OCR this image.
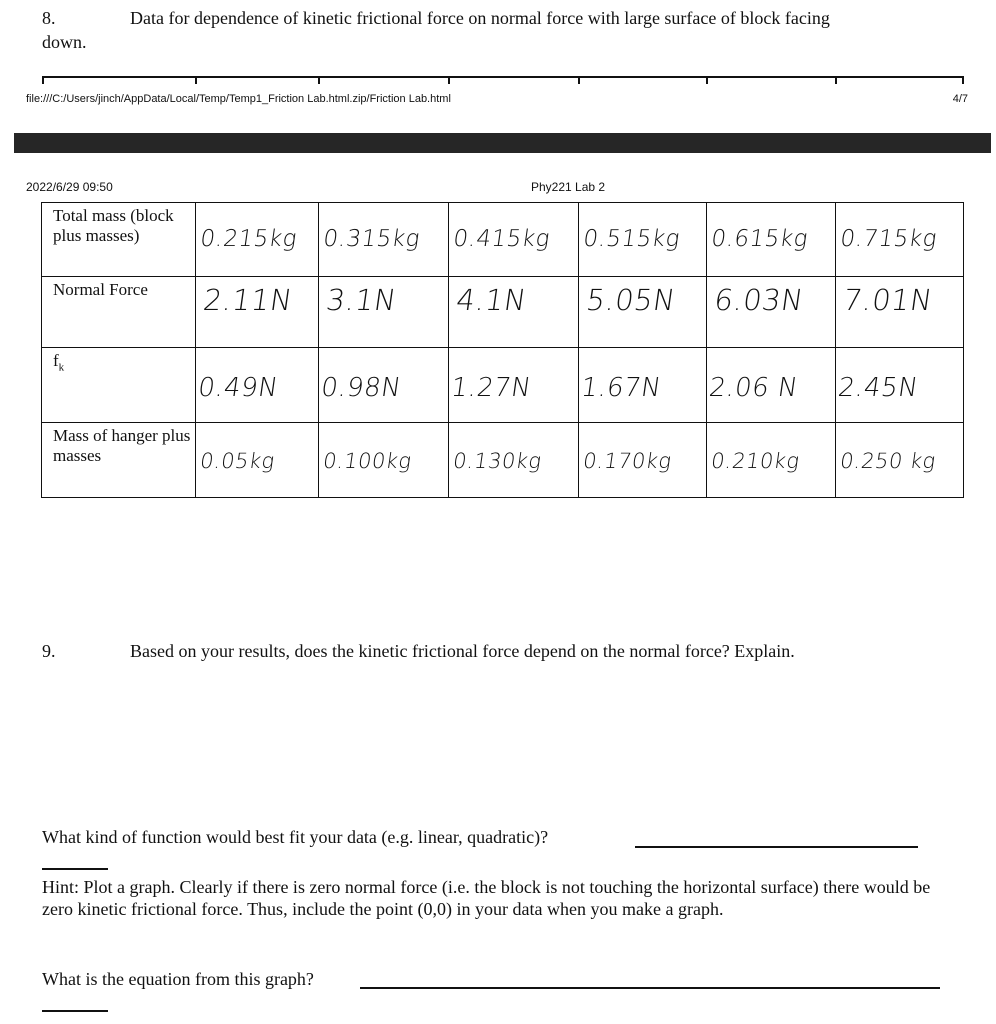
8.	Data for dependence of kinetic frictional force on normal force with large surface of block facing
down.
file:///C:/Users/jinch/AppData/Local/Temp/Temp1_Friction Lab.html.zip/Friction Lab.html	4/7
2022/6/29 09:50	Phy221 Lab 2
Total mass (block plus masses)	0.215kg	0.315kg	0.415kg	0.515kg	0.615kg	0.715kg

Normal Force	2.11N	3.1N	4.1N	5.05N	6.03N	7.01N

$f_k$	0.49N	0.98N	1.27N	1.67N	2.06 N	2.45N

Mass of hanger plus masses	0.05kg	0.100kg	0.130kg	0.170kg	0.210kg	0.250 kg
9.	Based on your results, does the kinetic frictional force depend on the normal force? Explain.
What kind of function would best fit your data (e.g. linear, quadratic)?
Hint: Plot a graph. Clearly if there is zero normal force (i.e. the block is not touching the horizontal surface) there would be zero kinetic frictional force. Thus, include the point (0,0) in your data when you make a graph.
What is the equation from this graph?
